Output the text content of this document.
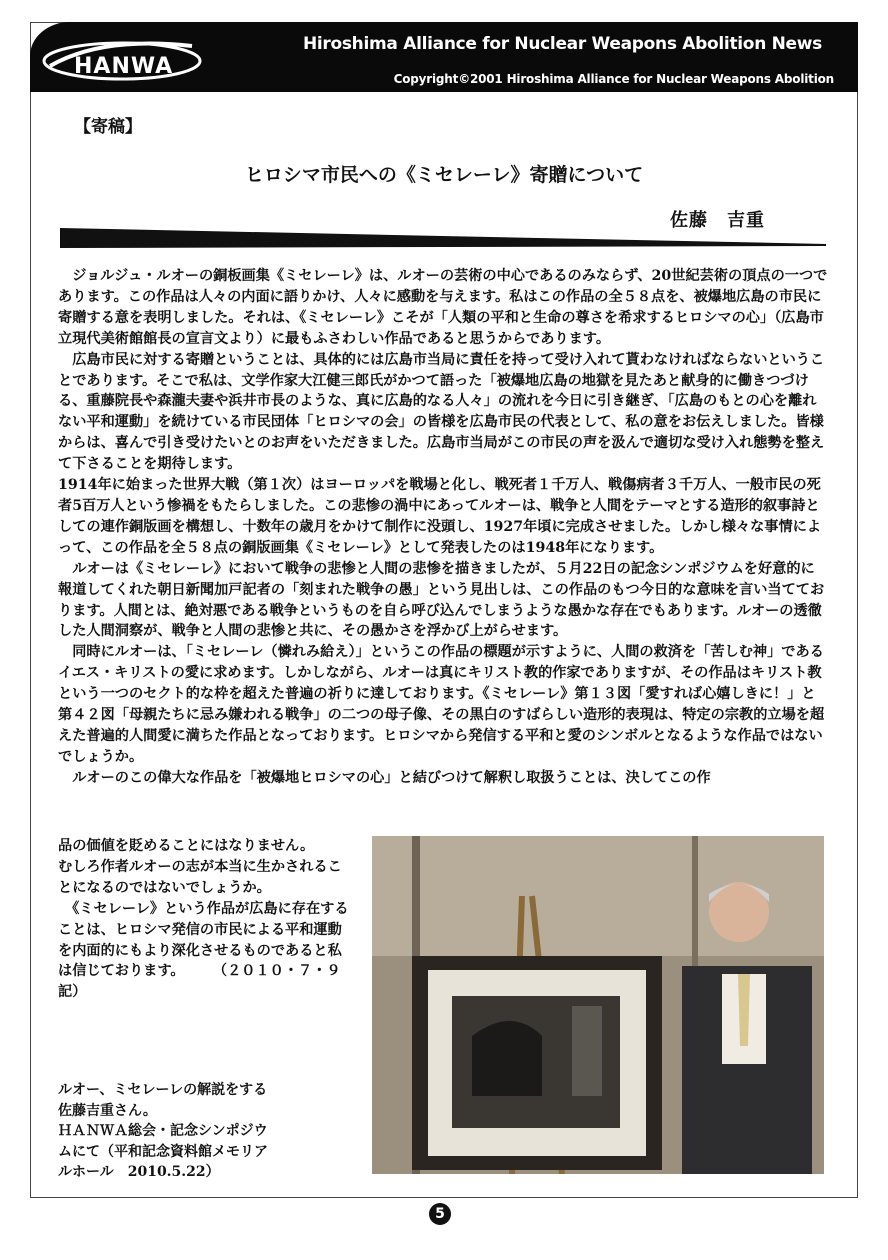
HANWA
Hiroshima Alliance for Nuclear Weapons Abolition News
Copyright©2001 Hiroshima Alliance for Nuclear Weapons Abolition
【寄稿】
ヒロシマ市民への《ミセレーレ》寄贈について
佐藤　吉重

　ジョルジュ・ルオーの銅板画集《ミセレーレ》は、ルオーの芸術の中心であるのみならず、20世紀芸術の頂点の一つであります。この作品は人々の内面に語りかけ、人々に感動を与えます。私はこの作品の全５８点を、被爆地広島の市民に寄贈する意を表明しました。それは、《ミセレーレ》こそが「人類の平和と生命の尊さを希求するヒロシマの心」（広島市立現代美術館館長の宣言文より）に最もふさわしい作品であると思うからであります。

　広島市民に対する寄贈ということは、具体的には広島市当局に責任を持って受け入れて貰わなければならないということであります。そこで私は、文学作家大江健三郎氏がかつて語った「被爆地広島の地獄を見たあと献身的に働きつづける、重藤院長や森瀧夫妻や浜井市長のような、真に広島的なる人々」の流れを今日に引き継ぎ、「広島のもとの心を離れない平和運動」を続けている市民団体「ヒロシマの会」の皆様を広島市民の代表として、私の意をお伝えしました。皆様からは、喜んで引き受けたいとのお声をいただきました。広島市当局がこの市民の声を汲んで適切な受け入れ態勢を整えて下さることを期待します。

1914年に始まった世界大戦（第１次）はヨーロッパを戦場と化し、戦死者１千万人、戦傷病者３千万人、一般市民の死者5百万人という惨禍をもたらしました。この悲惨の渦中にあってルオーは、戦争と人間をテーマとする造形的叙事詩としての連作銅版画を構想し、十数年の歳月をかけて制作に没頭し、1927年頃に完成させました。しかし様々な事情によって、この作品を全５８点の銅版画集《ミセレーレ》として発表したのは1948年になります。

　ルオーは《ミセレーレ》において戦争の悲惨と人間の悲惨を描きましたが、５月22日の記念シンポジウムを好意的に報道してくれた朝日新聞加戸記者の「刻まれた戦争の愚」という見出しは、この作品のもつ今日的な意味を言い当てております。人間とは、絶対悪である戦争というものを自ら呼び込んでしまうような愚かな存在でもあります。ルオーの透徹した人間洞察が、戦争と人間の悲惨と共に、その愚かさを浮かび上がらせます。

　同時にルオーは、「ミセレーレ（憐れみ給え）」というこの作品の標題が示すように、人間の救済を「苦しむ神」であるイエス・キリストの愛に求めます。しかしながら、ルオーは真にキリスト教的作家でありますが、その作品はキリスト教という一つのセクト的な枠を超えた普遍の祈りに達しております。《ミセレーレ》第１３図「愛すれば心嬉しきに！」と第４２図「母親たちに忌み嫌われる戦争」の二つの母子像、その黒白のすばらしい造形的表現は、特定の宗教的立場を超えた普遍的人間愛に満ちた作品となっております。ヒロシマから発信する平和と愛のシンボルとなるような作品ではないでしょうか。

　ルオーのこの偉大な作品を「被爆地ヒロシマの心」と結びつけて解釈し取扱うことは、決してこの作

品の価値を貶めることにはなりません。

むしろ作者ルオーの志が本当に生かされることになるのではないでしょうか。

　《ミセレーレ》という作品が広島に存在することは、ヒロシマ発信の市民による平和運動を内面的にもより深化させるものであると私は信じております。　　　（２０１０・７・９記）

ルオー、ミセレーレの解説をする
佐藤吉重さん。
ＨＡＮＷＡ総会・記念シンポジウ
ムにて（平和記念資料館メモリア
ルホール　2010.5.22）
5
